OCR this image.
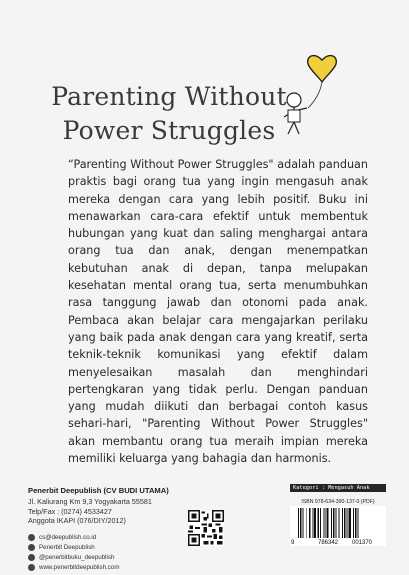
Parenting Without
Power Struggles
“Parenting Without Power Struggles" adalah panduan praktis bagi orang tua yang ingin mengasuh anak mereka dengan cara yang lebih positif. Buku ini menawarkan cara-cara efektif untuk membentuk hubungan yang kuat dan saling menghargai antara orang tua dan anak, dengan menempatkan kebutuhan anak di depan, tanpa melupakan kesehatan mental orang tua, serta menumbuhkan rasa tanggung jawab dan otonomi pada anak. Pembaca akan belajar cara mengajarkan perilaku yang baik pada anak dengan cara yang kreatif, serta teknik-teknik komunikasi yang efektif dalam menyelesaikan masalah dan menghindari pertengkaran yang tidak perlu. Dengan panduan yang mudah diikuti dan berbagai contoh kasus sehari-hari, "Parenting Without Power Struggles" akan membantu orang tua meraih impian mereka memiliki keluarga yang bahagia dan harmonis.
Penerbit Deepublish (CV BUDI UTAMA)
Jl. Kaliurang Km 9,3 Yogyakarta 55581
Telp/Fax : (0274) 4533427
Anggota IKAPI (076/DIY/2012)
cs@deepublish.co.id
Penerbit Deepublish
@penerbitbuku_deepublish
www.penerbitdeepublish.com
Kategori : Mengasuh Anak
ISBN 978-634-390-137-0 (PDF)
9	786342 001370
